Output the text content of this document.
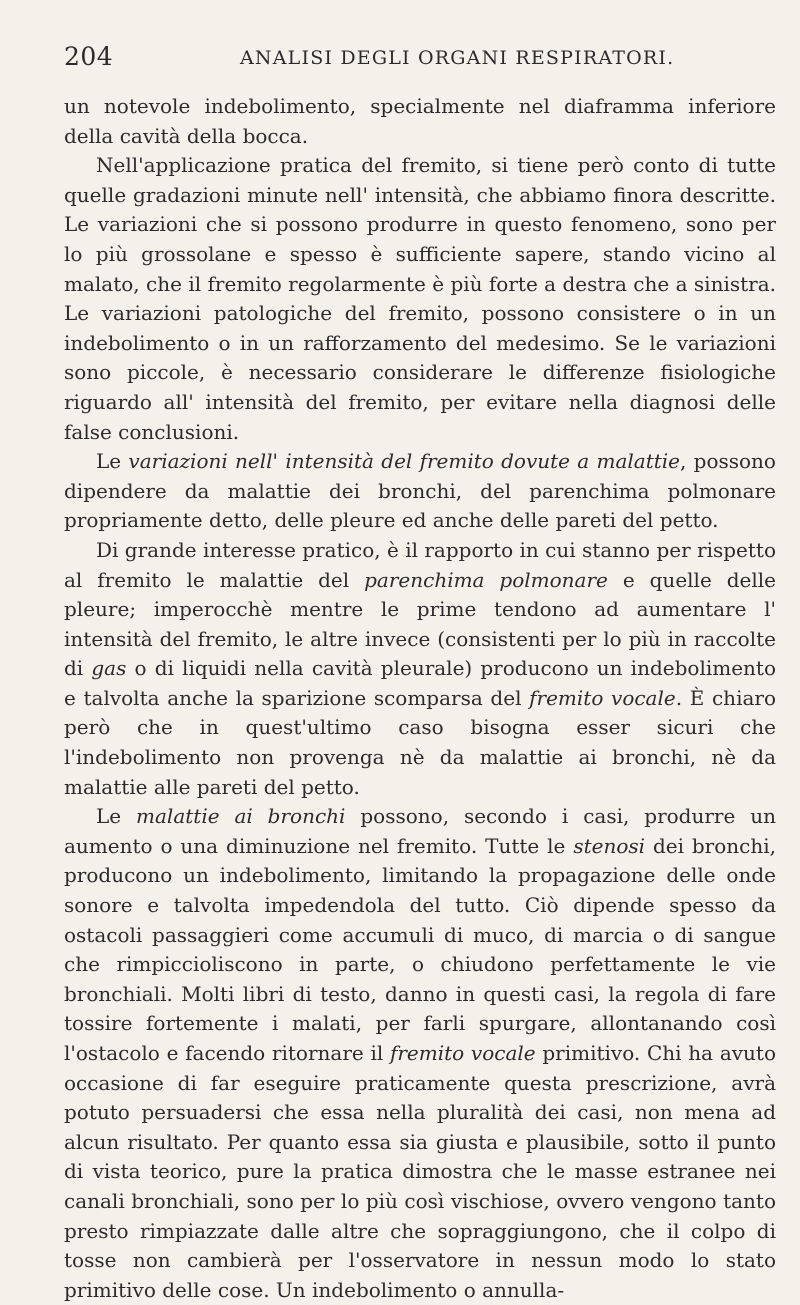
204	ANALISI DEGLI ORGANI RESPIRATORI.

un notevole indebolimento, specialmente nel diaframma inferiore della cavità della bocca.

Nell'applicazione pratica del fremito, si tiene però conto di tutte quelle gradazioni minute nell' intensità, che abbiamo finora descritte. Le variazioni che si possono produrre in questo fenomeno, sono per lo più grossolane e spesso è sufficiente sapere, stando vicino al malato, che il fremito regolarmente è più forte a destra che a sinistra. Le variazioni patologiche del fremito, possono consistere o in un indebolimento o in un rafforzamento del medesimo. Se le variazioni sono piccole, è necessario considerare le differenze fisiologiche riguardo all' intensità del fremito, per evitare nella diagnosi delle false conclusioni.

Le variazioni nell' intensità del fremito dovute a malattie, possono dipendere da malattie dei bronchi, del parenchima polmonare propriamente detto, delle pleure ed anche delle pareti del petto.

Di grande interesse pratico, è il rapporto in cui stanno per rispetto al fremito le malattie del parenchima polmonare e quelle delle pleure; imperocchè mentre le prime tendono ad aumentare l' intensità del fremito, le altre invece (consistenti per lo più in raccolte di gas o di liquidi nella cavità pleurale) producono un indebolimento e talvolta anche la sparizione scomparsa del fremito vocale. È chiaro però che in quest'ultimo caso bisogna esser sicuri che l'indebolimento non provenga nè da malattie ai bronchi, nè da malattie alle pareti del petto.

Le malattie ai bronchi possono, secondo i casi, produrre un aumento o una diminuzione nel fremito. Tutte le stenosi dei bronchi, producono un indebolimento, limitando la propagazione delle onde sonore e talvolta impedendola del tutto. Ciò dipende spesso da ostacoli passaggieri come accumuli di muco, di marcia o di sangue che rimpiccioliscono in parte, o chiudono perfettamente le vie bronchiali. Molti libri di testo, danno in questi casi, la regola di fare tossire fortemente i malati, per farli spurgare, allontanando così l'ostacolo e facendo ritornare il fremito vocale primitivo. Chi ha avuto occasione di far eseguire praticamente questa prescrizione, avrà potuto persuadersi che essa nella pluralità dei casi, non mena ad alcun risultato. Per quanto essa sia giusta e plausibile, sotto il punto di vista teorico, pure la pratica dimostra che le masse estranee nei canali bronchiali, sono per lo più così vischiose, ovvero vengono tanto presto rimpiazzate dalle altre che sopraggiungono, che il colpo di tosse non cambierà per l'osservatore in nessun modo lo stato primitivo delle cose. Un indebolimento o annulla-
